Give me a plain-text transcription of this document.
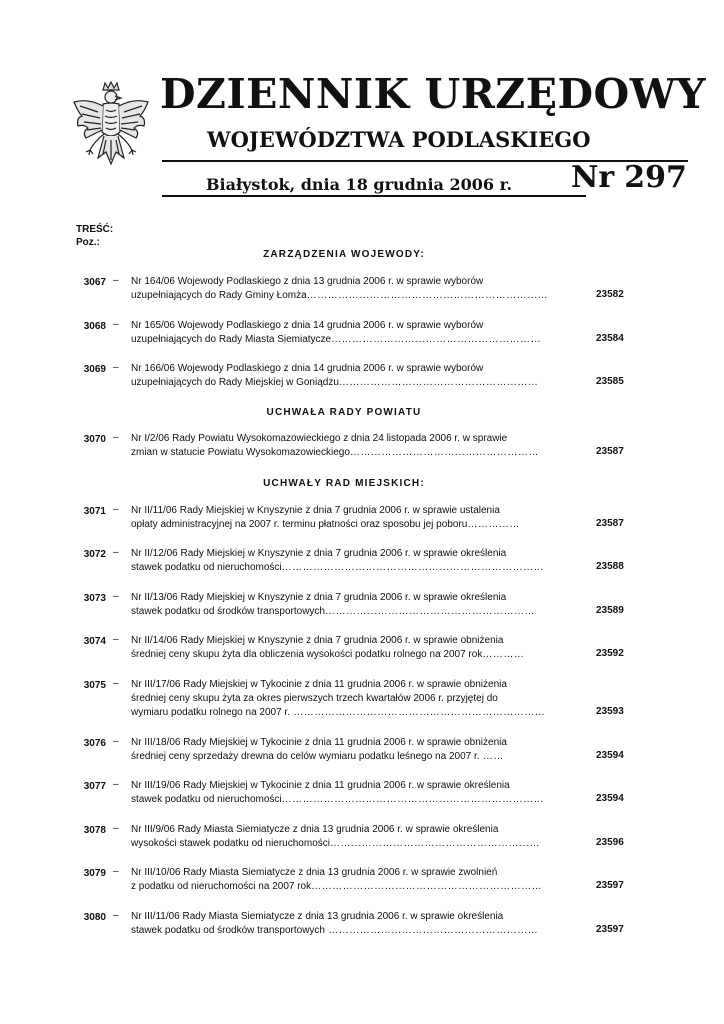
DZIENNIK URZĘDOWY
WOJEWÓDZTWA PODLASKIEGO
Białystok, dnia 18 grudnia 2006 r. Nr 297
TREŚĆ:
Poz.:
ZARZĄDZENIA WOJEWODY:
3067 – Nr 164/06 Wojewody Podlaskiego z dnia 13 grudnia 2006 r. w sprawie wyborów
uzupełniających do Rady Gminy Łomża……………………………………………………………	23582
3068 – Nr 165/06 Wojewody Podlaskiego z dnia 14 grudnia 2006 r. w sprawie wyborów
uzupełniających do Rady Miasta Siemiatycze……………………………………………………	23584
3069 – Nr 166/06 Wojewody Podlaskiego z dnia 14 grudnia 2006 r. w sprawie wyborów
uzupełniających do Rady Miejskiej w Goniądzu…………………………………………………	23585
UCHWAŁA RADY POWIATU
3070 – Nr I/2/06 Rady Powiatu Wysokomazowieckiego z dnia 24 listopada 2006 r. w sprawie
zmian w statucie Powiatu Wysokomazowieckiego………………………………………………	23587
UCHWAŁY RAD MIEJSKICH:
3071 – Nr II/11/06 Rady Miejskiej w Knyszynie z dnia 7 grudnia 2006 r. w sprawie ustalenia
opłaty administracyjnej na 2007 r. terminu płatności oraz sposobu jej poboru……………	23587
3072 – Nr II/12/06 Rady Miejskiej w Knyszynie z dnia 7 grudnia 2006 r. w sprawie określenia
stawek podatku od nieruchomości…………………………………………………………………	23588
3073 – Nr II/13/06 Rady Miejskiej w Knyszynie z dnia 7 grudnia 2006 r. w sprawie określenia
stawek podatku od środków transportowych……………………………………………………	23589
3074 – Nr II/14/06 Rady Miejskiej w Knyszynie z dnia 7 grudnia 2006 r. w sprawie obniżenia
średniej ceny skupu żyta dla obliczenia wysokości podatku rolnego na 2007 rok…………	23592
3075 – Nr III/17/06 Rady Miejskiej w Tykocinie z dnia 11 grudnia 2006 r. w sprawie obniżenia
średniej ceny skupu żyta za okres pierwszych trzech kwartałów 2006 r. przyjętej do
wymiaru podatku rolnego na 2007 r. ………………………………………………………………	23593
3076 – Nr III/18/06 Rady Miejskiej w Tykocinie z dnia 11 grudnia 2006 r. w sprawie obniżenia
średniej ceny sprzedaży drewna do celów wymiaru podatku leśnego na 2007 r. ……	23594
3077 – Nr III/19/06 Rady Miejskiej w Tykocinie z dnia 11 grudnia 2006 r. w sprawie określenia
stawek podatku od nieruchomości…………………………………………………………………	23594
3078 – Nr III/9/06 Rady Miasta Siemiatycze z dnia 13 grudnia 2006 r. w sprawie określenia
wysokości stawek podatku od nieruchomości……………………………………………………	23596
3079 – Nr III/10/06 Rady Miasta Siemiatycze z dnia 13 grudnia 2006 r. w sprawie zwolnień
z podatku od nieruchomości na 2007 rok…………………………………………………………	23597
3080 – Nr III/11/06 Rady Miasta Siemiatycze z dnia 13 grudnia 2006 r. w sprawie określenia
stawek podatku od środków transportowych ……………………………………………………	23597
